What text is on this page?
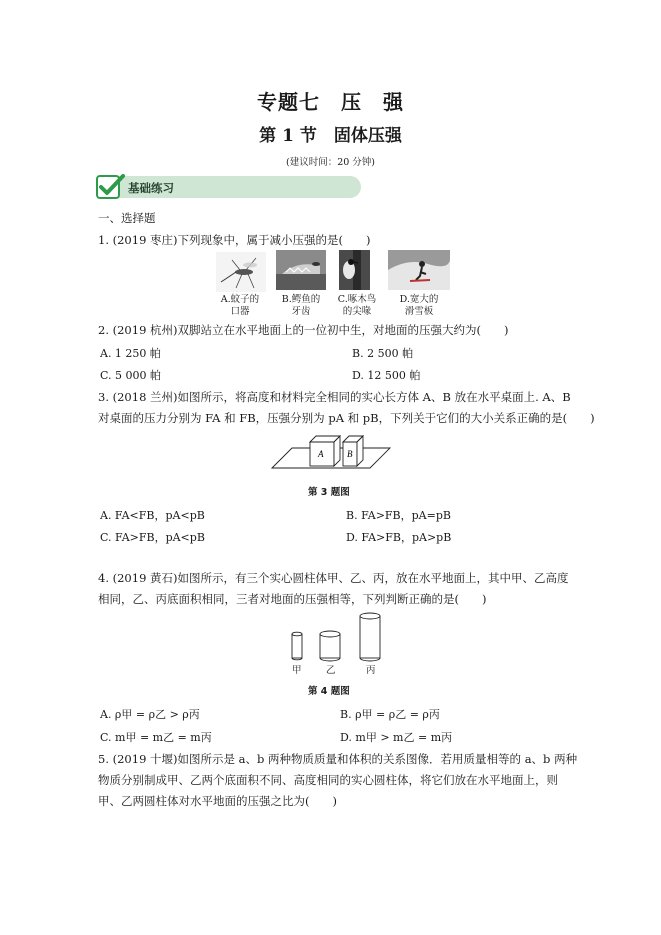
专题七　压　强
第 1 节　固体压强
(建议时间：20 分钟)
基础练习
一、选择题
1. (2019 枣庄)下列现象中，属于减小压强的是(　　)
A.蚊子的
口器
B.鳄鱼的
牙齿
C.啄木鸟
的尖喙
D.宽大的
滑雪板
2. (2019 杭州)双脚站立在水平地面上的一位初中生，对地面的压强大约为(　　)
A. 1 250 帕	B. 2 500 帕
C. 5 000 帕	D. 12 500 帕
3. (2018 兰州)如图所示，将高度和材料完全相同的实心长方体 A、B 放在水平桌面上. A、B
对桌面的压力分别为 FA 和 FB，压强分别为 pA 和 pB，下列关于它们的大小关系正确的是(　　)
A	B
第 3 题图
A. FA<FB，pA<pB	B. FA>FB，pA=pB
C. FA>FB，pA<pB	D. FA>FB，pA>pB
4. (2019 黄石)如图所示，有三个实心圆柱体甲、乙、丙，放在水平地面上，其中甲、乙高度
相同，乙、丙底面积相同，三者对地面的压强相等，下列判断正确的是(　　)
甲	乙	丙
第 4 题图
A. ρ甲 = ρ乙 > ρ丙	B. ρ甲 = ρ乙 = ρ丙
C. m甲 = m乙 = m丙	D. m甲 > m乙 = m丙
5. (2019 十堰)如图所示是 a、b 两种物质质量和体积的关系图像．若用质量相等的 a、b 两种
物质分别制成甲、乙两个底面积不同、高度相同的实心圆柱体，将它们放在水平地面上，则
甲、乙两圆柱体对水平地面的压强之比为(　　)
